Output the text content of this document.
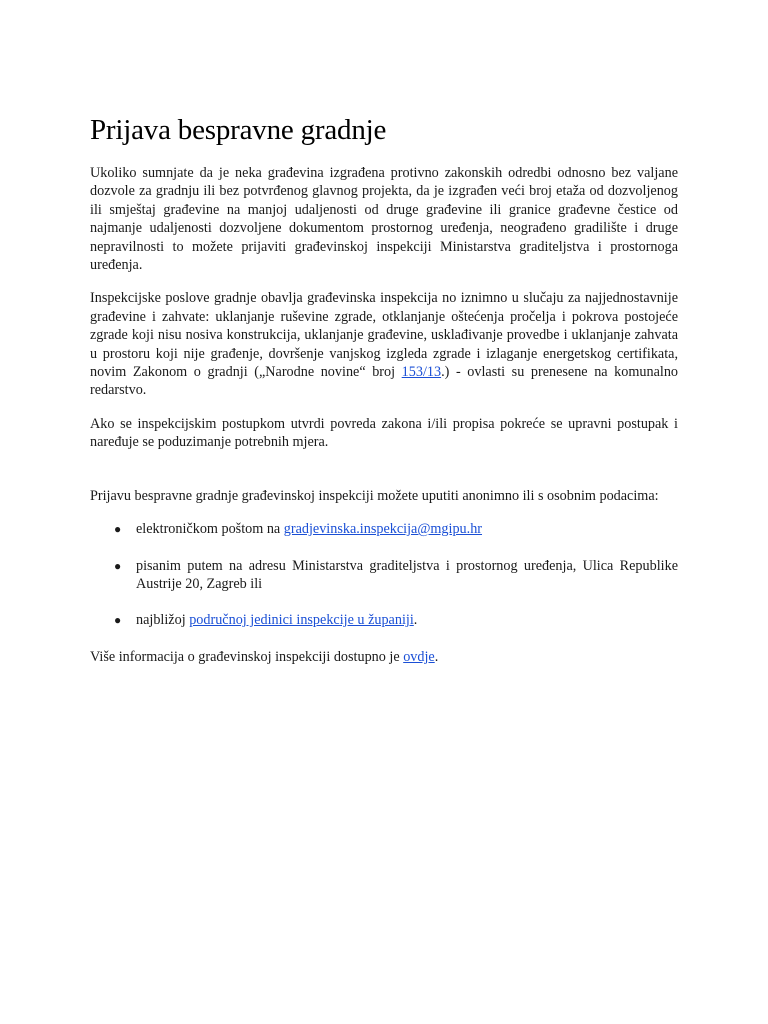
Prijava bespravne gradnje

Ukoliko sumnjate da je neka građevina izgrađena protivno zakonskih odredbi odnosno bez valjane dozvole za gradnju ili bez potvrđenog glavnog projekta, da je izgrađen veći broj etaža od dozvoljenog ili smještaj građevine na manjoj udaljenosti od druge građevine ili granice građevne čestice od najmanje udaljenosti dozvoljene dokumentom prostornog uređenja, neograđeno gradilište i druge nepravilnosti to možete prijaviti građevinskoj inspekciji Ministarstva graditeljstva i prostornoga uređenja.

Inspekcijske poslove gradnje obavlja građevinska inspekcija no iznimno u slučaju za najjednostavnije građevine i zahvate: uklanjanje ruševine zgrade, otklanjanje oštećenja pročelja i pokrova postojeće zgrade koji nisu nosiva konstrukcija, uklanjanje građevine, usklađivanje provedbe i uklanjanje zahvata u prostoru koji nije građenje, dovršenje vanjskog izgleda zgrade i izlaganje energetskog certifikata, novim Zakonom o gradnji („Narodne novine“ broj 153/13.) - ovlasti su prenesene na komunalno redarstvo.

Ako se inspekcijskim postupkom utvrdi povreda zakona i/ili propisa pokreće se upravni postupak i naređuje se poduzimanje potrebnih mjera.

Prijavu bespravne gradnje građevinskoj inspekciji možete uputiti anonimno ili s osobnim podacima:

● elektroničkom poštom na gradjevinska.inspekcija@mgipu.hr
● pisanim putem na adresu Ministarstva graditeljstva i prostornog uređenja, Ulica Republike Austrije 20, Zagreb ili
● najbližoj područnoj jedinici inspekcije u županiji.

Više informacija o građevinskoj inspekciji dostupno je ovdje.
